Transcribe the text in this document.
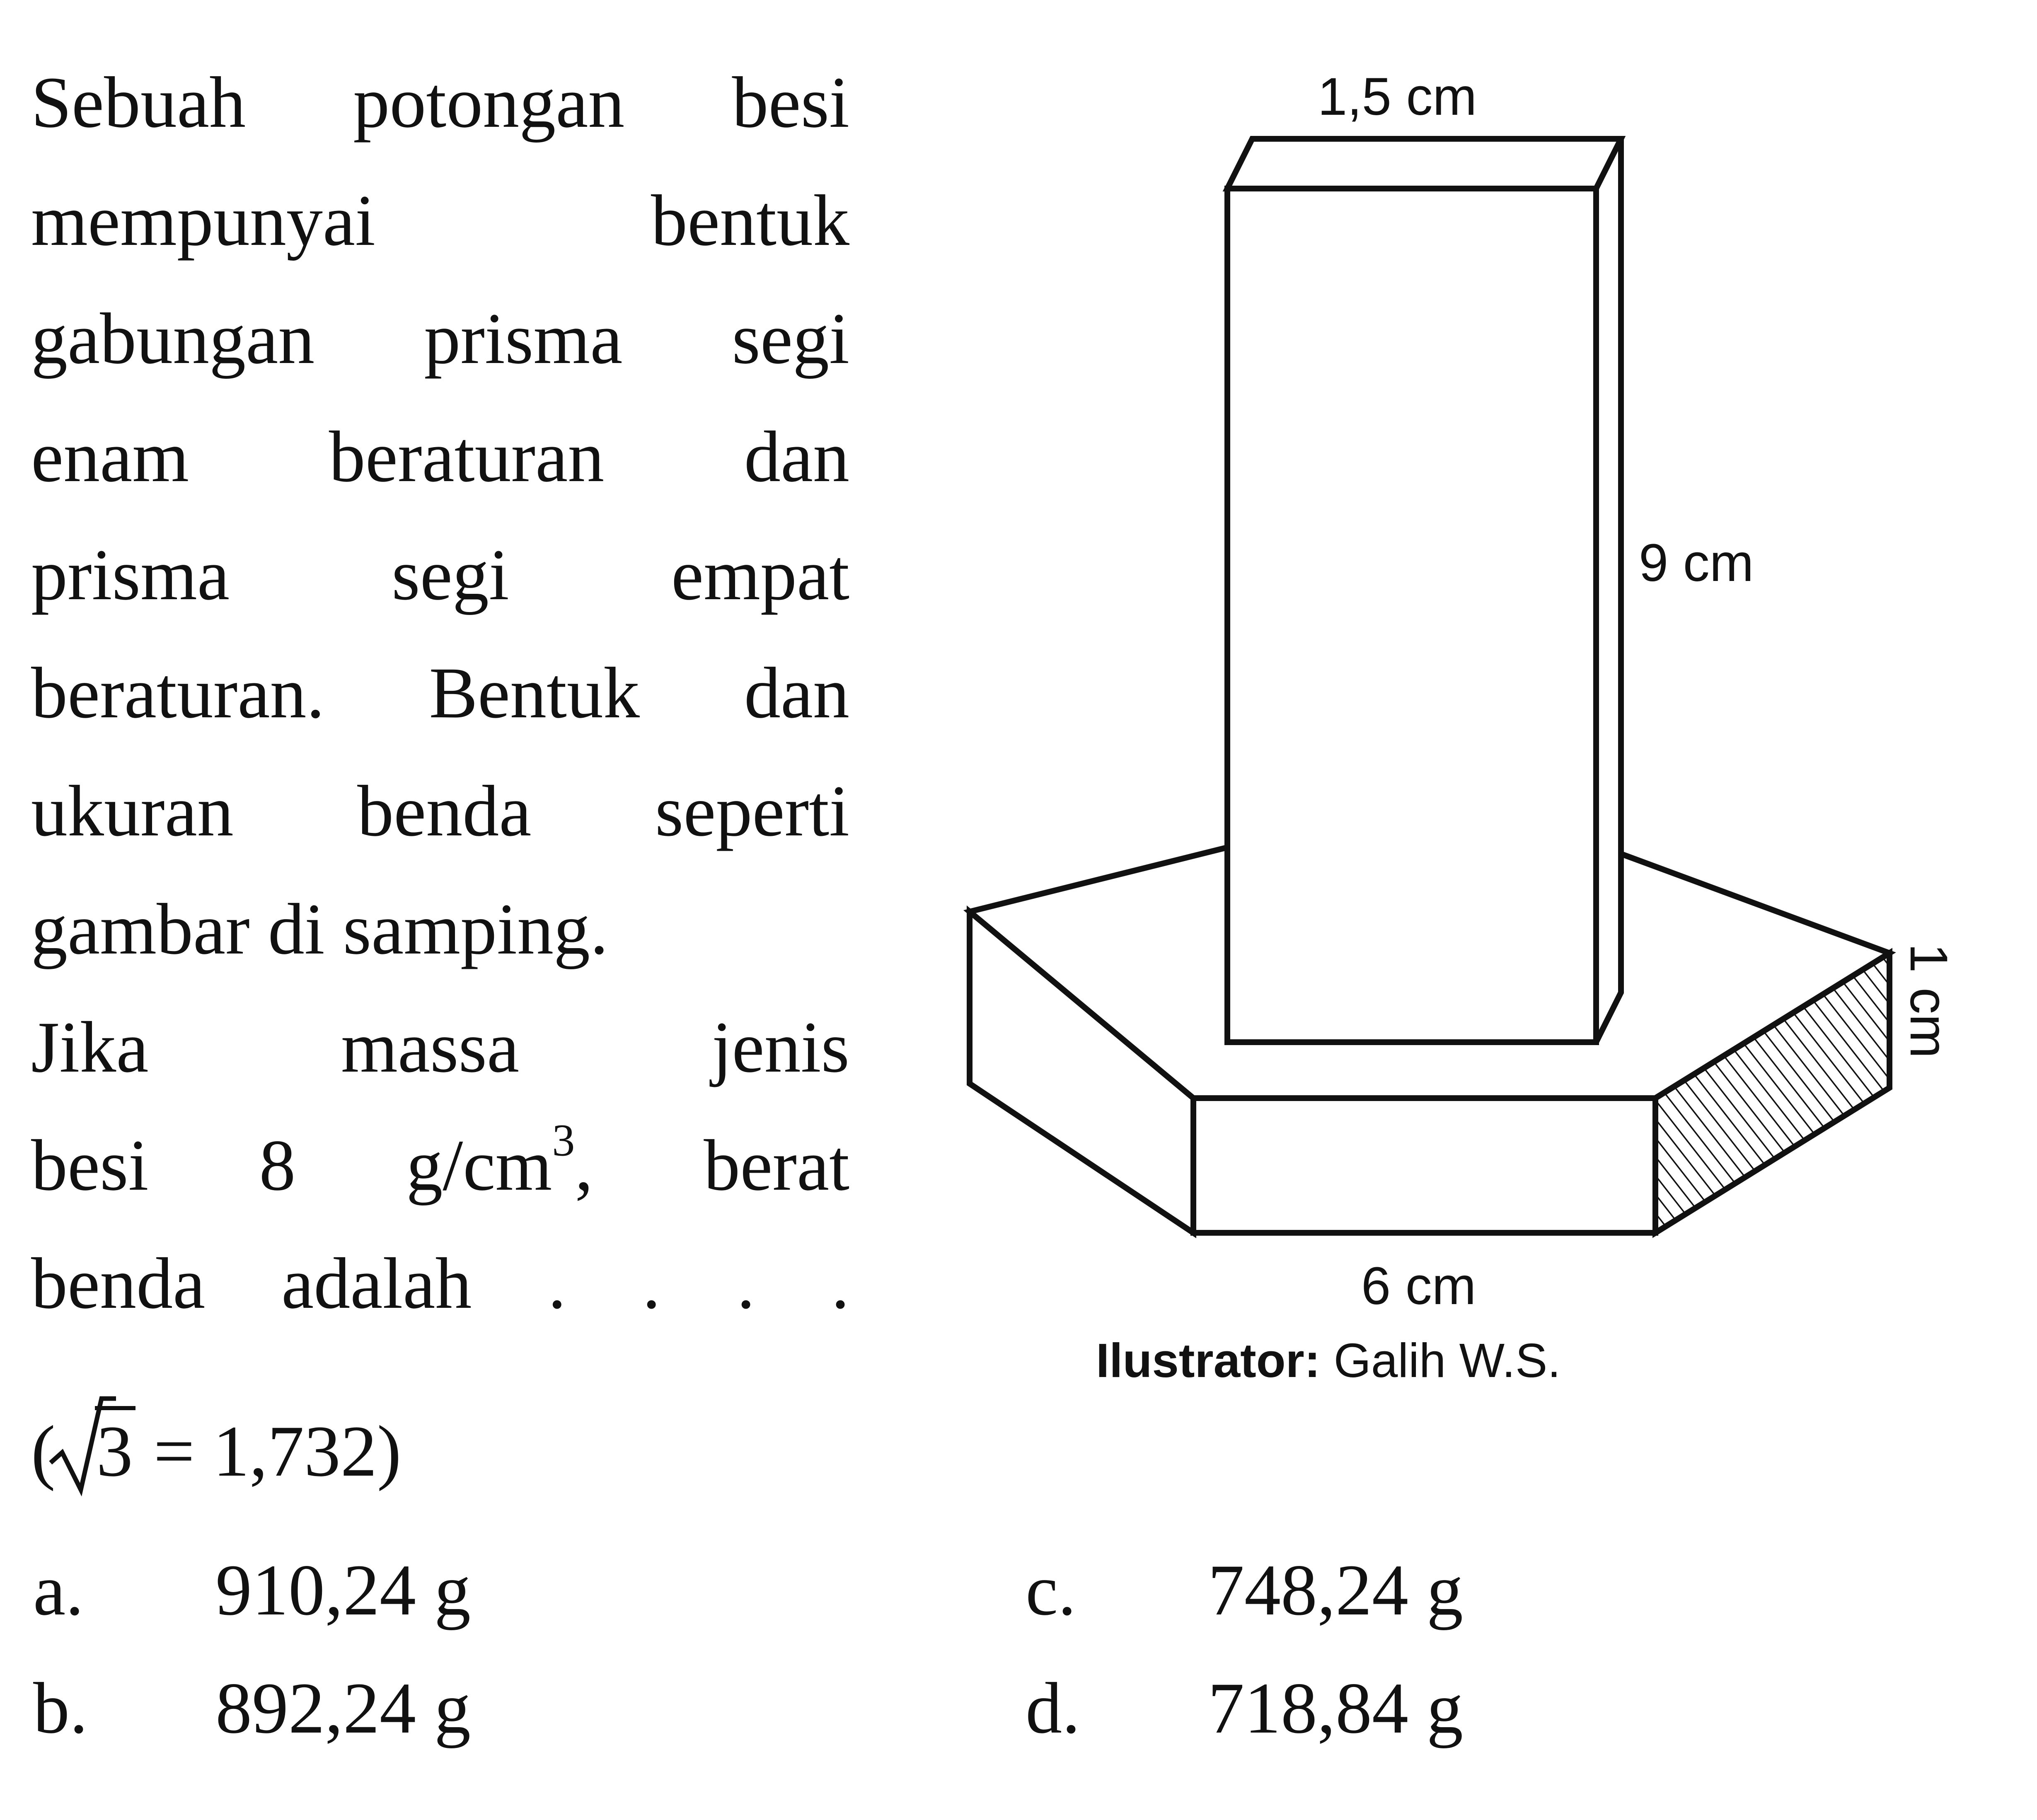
Sebuah potongan besi
mempunyai bentuk
gabungan prisma segi
enam beraturan dan
prisma segi empat
beraturan. Bentuk dan
ukuran benda seperti
gambar di samping.
Jika massa jenis
besi 8 $g/cm^3$, berat
benda adalah . . . .
( 3 = 1,732)
a. 910,24 g
b. 892,24 g
c. 748,24 g
d. 718,84 g
1,5 cm
9 cm
1 cm
6 cm
Ilustrator: Galih W.S.
